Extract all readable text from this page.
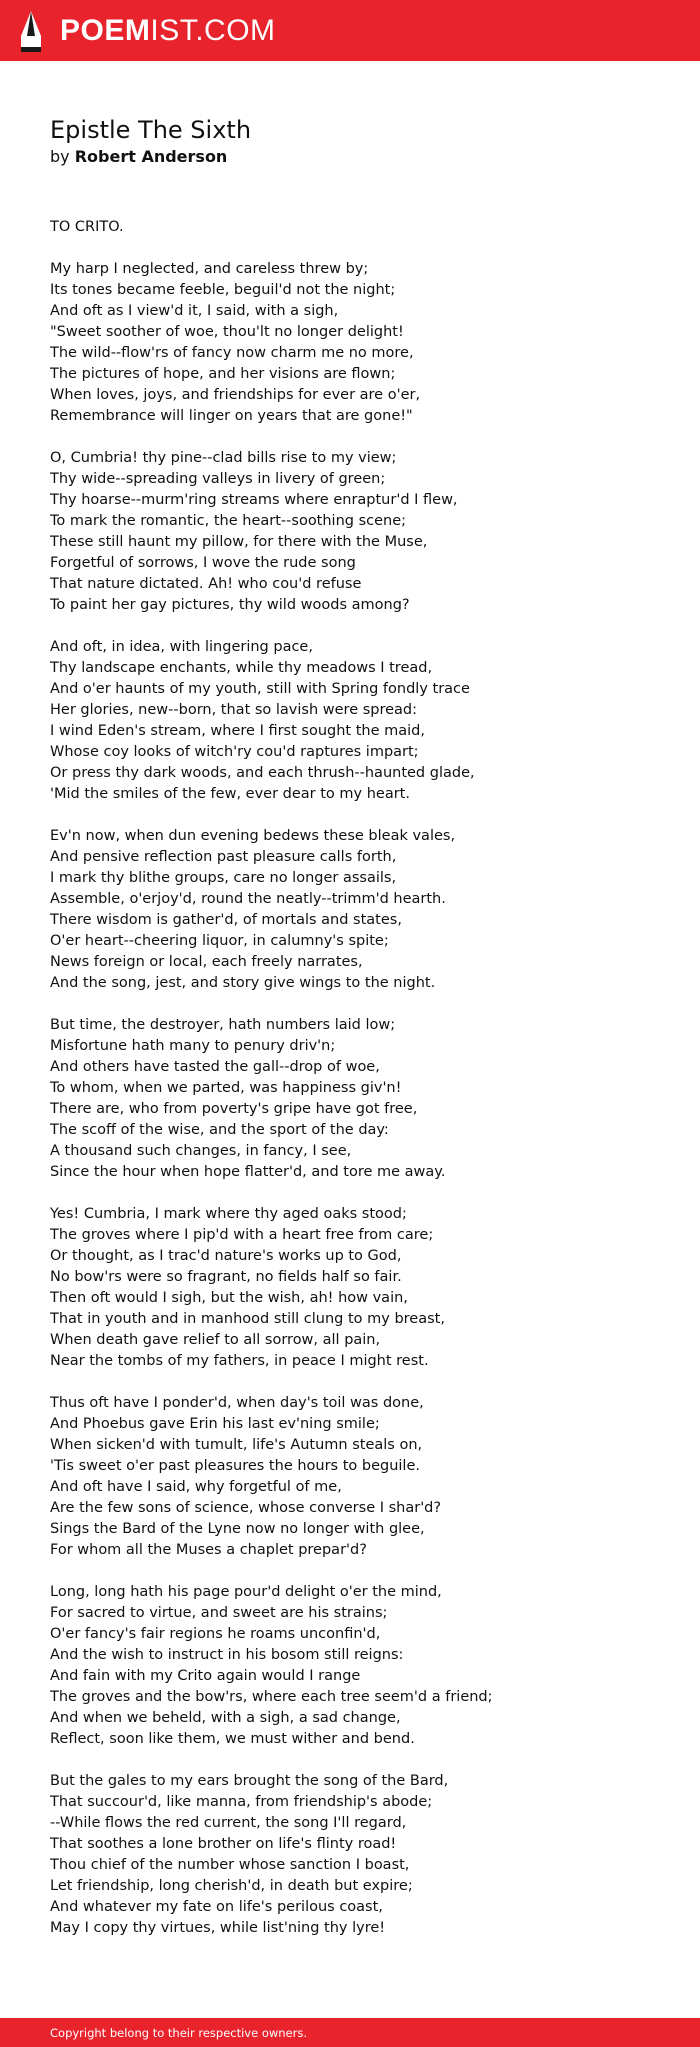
POEMIST.COM
Epistle The Sixth
by Robert Anderson
TO CRITO.
My harp I neglected, and careless threw by;
Its tones became feeble, beguil'd not the night;
And oft as I view'd it, I said, with a sigh,
"Sweet soother of woe, thou'lt no longer delight!
The wild--flow'rs of fancy now charm me no more,
The pictures of hope, and her visions are flown;
When loves, joys, and friendships for ever are o'er,
Remembrance will linger on years that are gone!"
O, Cumbria! thy pine--clad bills rise to my view;
Thy wide--spreading valleys in livery of green;
Thy hoarse--murm'ring streams where enraptur'd I flew,
To mark the romantic, the heart--soothing scene;
These still haunt my pillow, for there with the Muse,
Forgetful of sorrows, I wove the rude song
That nature dictated. Ah! who cou'd refuse
To paint her gay pictures, thy wild woods among?
And oft, in idea, with lingering pace,
Thy landscape enchants, while thy meadows I tread,
And o'er haunts of my youth, still with Spring fondly trace
Her glories, new--born, that so lavish were spread:
I wind Eden's stream, where I first sought the maid,
Whose coy looks of witch'ry cou'd raptures impart;
Or press thy dark woods, and each thrush--haunted glade,
'Mid the smiles of the few, ever dear to my heart.
Ev'n now, when dun evening bedews these bleak vales,
And pensive reflection past pleasure calls forth,
I mark thy blithe groups, care no longer assails,
Assemble, o'erjoy'd, round the neatly--trimm'd hearth.
There wisdom is gather'd, of mortals and states,
O'er heart--cheering liquor, in calumny's spite;
News foreign or local, each freely narrates,
And the song, jest, and story give wings to the night.
But time, the destroyer, hath numbers laid low;
Misfortune hath many to penury driv'n;
And others have tasted the gall--drop of woe,
To whom, when we parted, was happiness giv'n!
There are, who from poverty's gripe have got free,
The scoff of the wise, and the sport of the day:
A thousand such changes, in fancy, I see,
Since the hour when hope flatter'd, and tore me away.
Yes! Cumbria, I mark where thy aged oaks stood;
The groves where I pip'd with a heart free from care;
Or thought, as I trac'd nature's works up to God,
No bow'rs were so fragrant, no fields half so fair.
Then oft would I sigh, but the wish, ah! how vain,
That in youth and in manhood still clung to my breast,
When death gave relief to all sorrow, all pain,
Near the tombs of my fathers, in peace I might rest.
Thus oft have I ponder'd, when day's toil was done,
And Phoebus gave Erin his last ev'ning smile;
When sicken'd with tumult, life's Autumn steals on,
'Tis sweet o'er past pleasures the hours to beguile.
And oft have I said, why forgetful of me,
Are the few sons of science, whose converse I shar'd?
Sings the Bard of the Lyne now no longer with glee,
For whom all the Muses a chaplet prepar'd?
Long, long hath his page pour'd delight o'er the mind,
For sacred to virtue, and sweet are his strains;
O'er fancy's fair regions he roams unconfin'd,
And the wish to instruct in his bosom still reigns:
And fain with my Crito again would I range
The groves and the bow'rs, where each tree seem'd a friend;
And when we beheld, with a sigh, a sad change,
Reflect, soon like them, we must wither and bend.
But the gales to my ears brought the song of the Bard,
That succour'd, like manna, from friendship's abode;
--While flows the red current, the song I'll regard,
That soothes a lone brother on life's flinty road!
Thou chief of the number whose sanction I boast,
Let friendship, long cherish'd, in death but expire;
And whatever my fate on life's perilous coast,
May I copy thy virtues, while list'ning thy lyre!
Copyright belong to their respective owners.
